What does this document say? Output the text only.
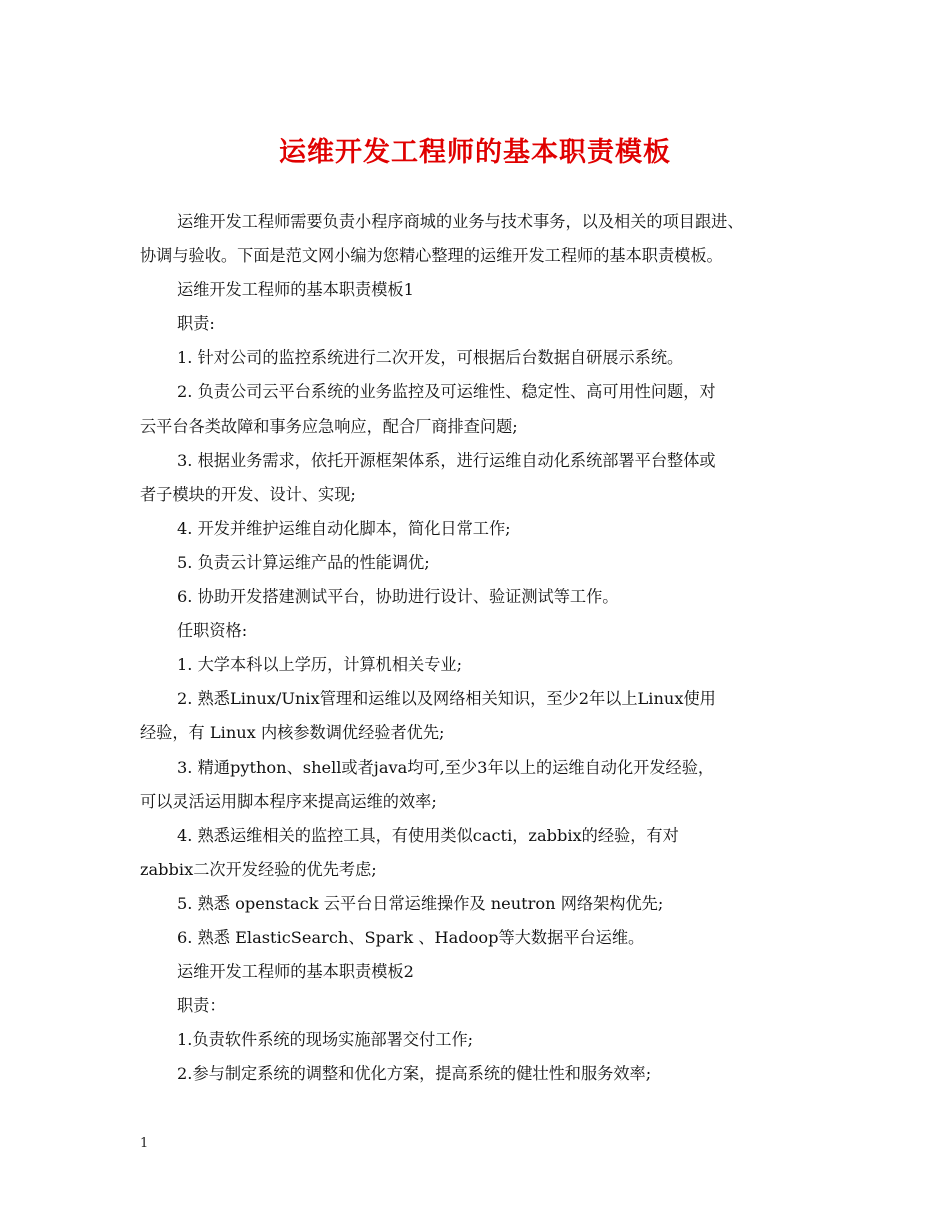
运维开发工程师的基本职责模板

运维开发工程师需要负责小程序商城的业务与技术事务，以及相关的项目跟进、

协调与验收。下面是范文网小编为您精心整理的运维开发工程师的基本职责模板。

运维开发工程师的基本职责模板1

职责:

1. 针对公司的监控系统进行二次开发，可根据后台数据自研展示系统。

2. 负责公司云平台系统的业务监控及可运维性、稳定性、高可用性问题，对

云平台各类故障和事务应急响应，配合厂商排查问题;

3. 根据业务需求，依托开源框架体系，进行运维自动化系统部署平台整体或

者子模块的开发、设计、实现;

4. 开发并维护运维自动化脚本，简化日常工作;

5. 负责云计算运维产品的性能调优;

6. 协助开发搭建测试平台，协助进行设计、验证测试等工作。

任职资格:

1. 大学本科以上学历，计算机相关专业;

2. 熟悉Linux/Unix管理和运维以及网络相关知识，至少2年以上Linux使用

经验，有 Linux 内核参数调优经验者优先;

3. 精通python、shell或者java均可,至少3年以上的运维自动化开发经验，

可以灵活运用脚本程序来提高运维的效率;

4. 熟悉运维相关的监控工具，有使用类似cacti，zabbix的经验，有对

zabbix二次开发经验的优先考虑;

5. 熟悉 openstack 云平台日常运维操作及 neutron 网络架构优先;

6. 熟悉 ElasticSearch、Spark 、Hadoop等大数据平台运维。

运维开发工程师的基本职责模板2

职责：

1.负责软件系统的现场实施部署交付工作;

2.参与制定系统的调整和优化方案，提高系统的健壮性和服务效率;

1
